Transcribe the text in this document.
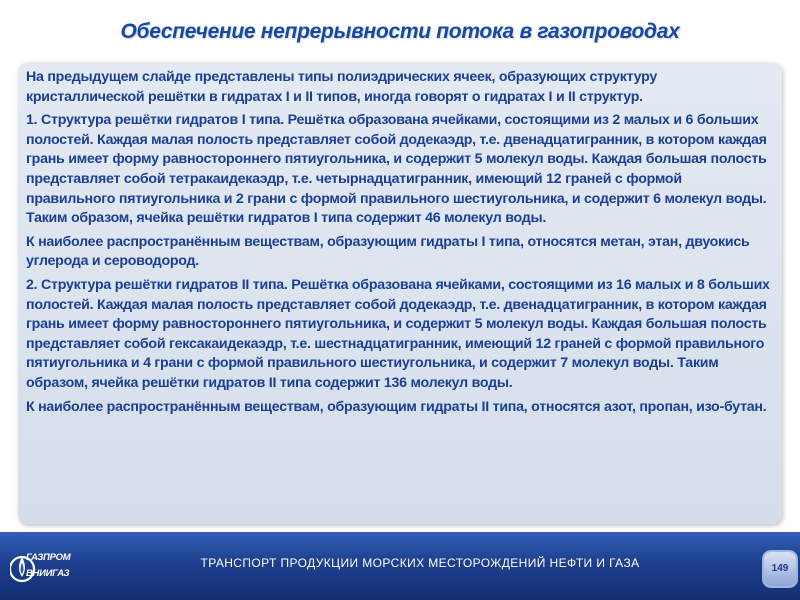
Обеспечение непрерывности потока в газопроводах

На предыдущем слайде представлены типы полиэдрических ячеек, образующих структуру кристаллической решётки в гидратах I и II типов, иногда говорят о гидратах I и II структур.

1. Структура решётки гидратов I типа. Решётка образована ячейками, состоящими из 2 малых и 6 больших полостей. Каждая малая полость представляет собой додекаэдр, т.е. двенадцатигранник, в котором каждая грань имеет форму равностороннего пятиугольника, и содержит 5 молекул воды. Каждая большая полость представляет собой тетракаидекаэдр, т.е. четырнадцатигранник, имеющий 12 граней с формой правильного пятиугольника и 2 грани с формой правильного шестиугольника, и содержит 6 молекул воды. Таким образом, ячейка решётки гидратов I типа содержит 46 молекул воды.

К наиболее распространённым веществам, образующим гидраты I типа, относятся метан, этан, двуокись углерода и сероводород.

2. Структура решётки гидратов II типа. Решётка образована ячейками, состоящими из 16 малых и 8 больших полостей. Каждая малая полость представляет собой додекаэдр, т.е. двенадцатигранник, в котором каждая грань имеет форму равностороннего пятиугольника, и содержит 5 молекул воды. Каждая большая полость представляет собой гексакаидекаэдр, т.е. шестнадцатигранник, имеющий 12 граней с формой правильного пятиугольника и 4 грани с формой правильного шестиугольника, и содержит 7 молекул воды. Таким образом, ячейка решётки гидратов II типа содержит 136 молекул воды.

К наиболее распространённым веществам, образующим гидраты II типа, относятся азот, пропан, изо-бутан.

ГАЗПРОМ
ВНИИГАЗ
ТРАНСПОРТ ПРОДУКЦИИ МОРСКИХ МЕСТОРОЖДЕНИЙ НЕФТИ И ГАЗА	149
